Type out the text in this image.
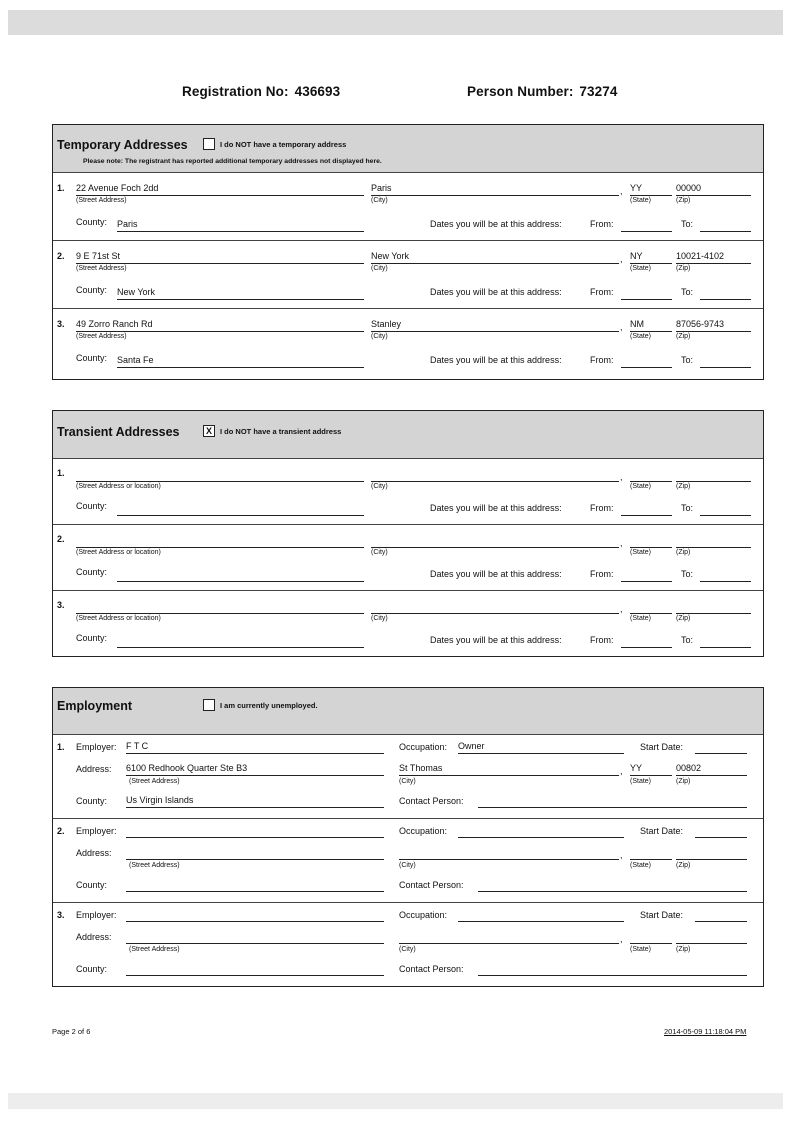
Registration No: 436693	Person Number: 73274
Temporary Addresses	I do NOT have a temporary address
Please note: The registrant has reported additional temporary addresses not displayed here.
1. 22 Avenue Foch 2dd
(Street Address)
Paris
(City)
, YY
(State)
00000
(Zip)
County: Paris	Dates you will be at this address:	From:	To:
2. 9 E 71st St
(Street Address)
New York
(City)
, NY
(State)
10021-4102
(Zip)
County: New York	Dates you will be at this address:	From:	To:
3. 49 Zorro Ranch Rd
(Street Address)
Stanley
(City)
, NM
(State)
87056-9743
(Zip)
County: Santa Fe	Dates you will be at this address:	From:	To:
Transient Addresses	X	I do NOT have a transient address
1.
(Street Address or location)	(City)
,
(State)	(Zip)
County:	Dates you will be at this address:	From:	To:
2.
(Street Address or location)	(City)
,
(State)	(Zip)
County:	Dates you will be at this address:	From:	To:
3.
(Street Address or location)	(City)
,
(State)	(Zip)
County:	Dates you will be at this address:	From:	To:
Employment	I am currently unemployed.
1. Employer: F T C	Occupation: Owner	Start Date:
Address: 6100 Redhook Quarter Ste B3
(Street Address)
St Thomas
(City)
, YY
(State)
00802
(Zip)
County: Us Virgin Islands	Contact Person:
2. Employer:	Occupation:	Start Date:
Address:
(Street Address)	(City)
,
(State)	(Zip)
County:	Contact Person:
3. Employer:	Occupation:	Start Date:
Address:
(Street Address)	(City)
,
(State)	(Zip)
County:	Contact Person:
Page 2 of 6	2014-05-09 11:18:04 PM
